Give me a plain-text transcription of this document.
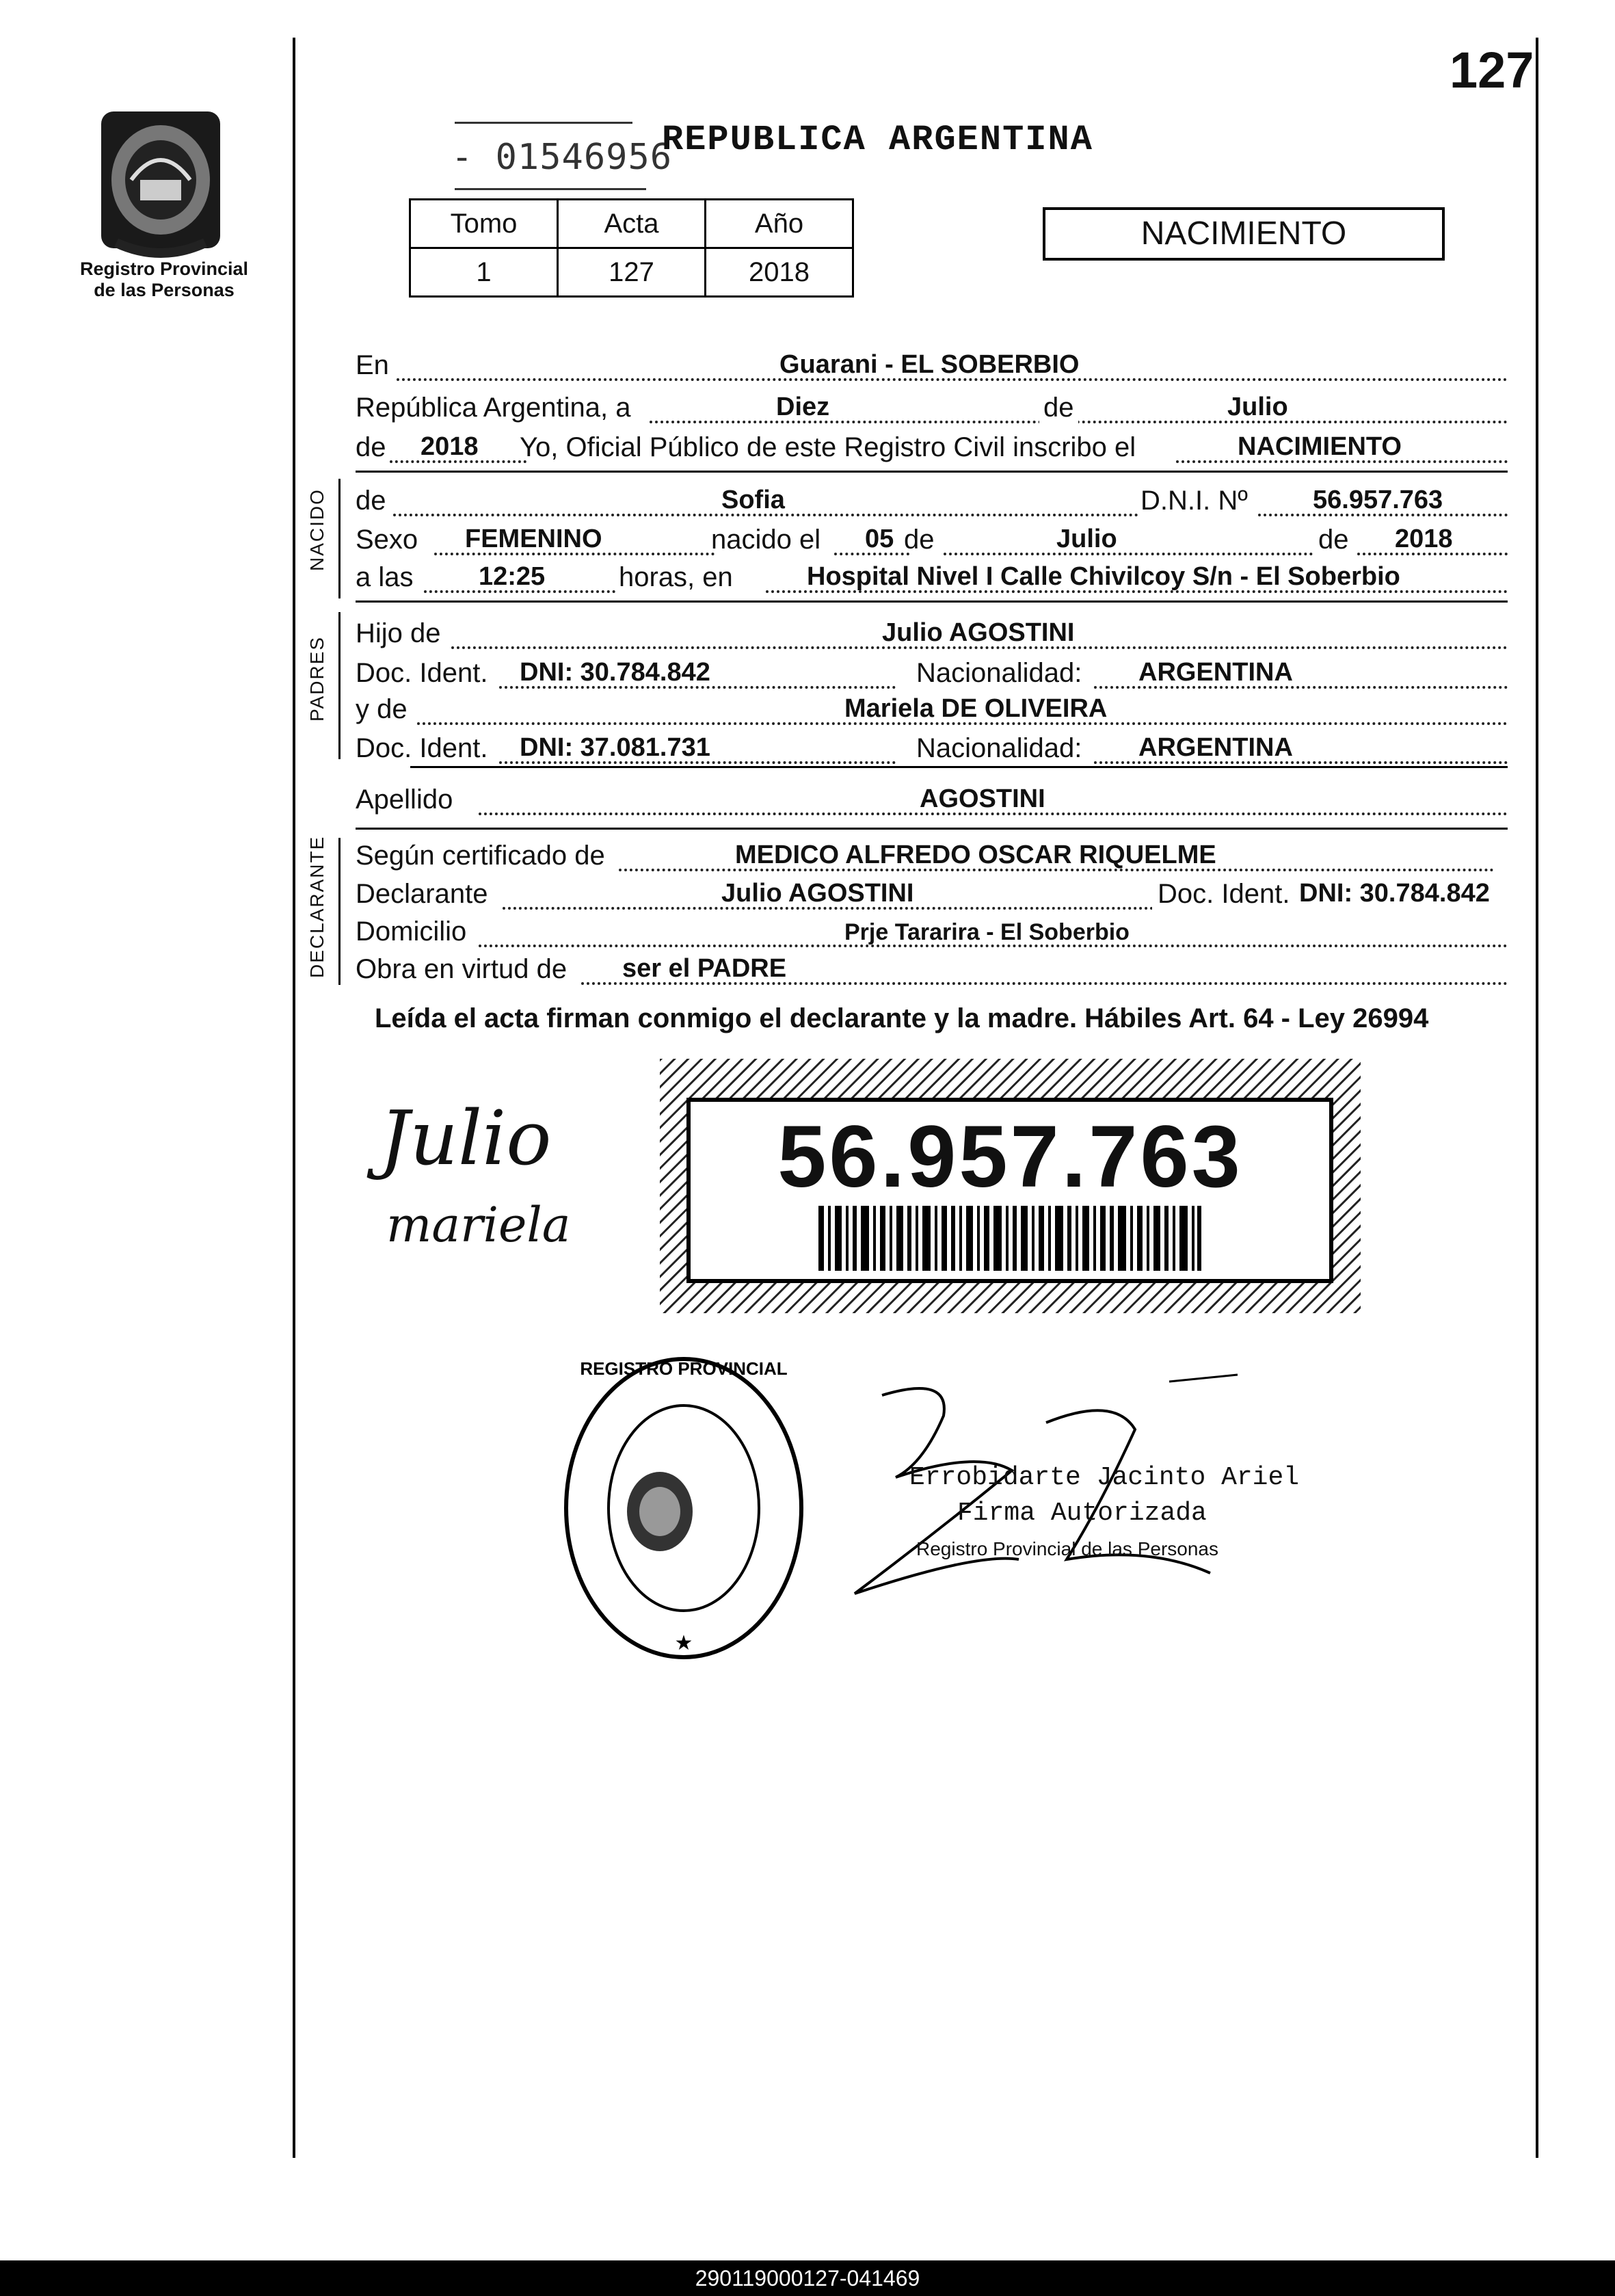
127
Registro Provincial
de las Personas
- 01546956
REPUBLICA ARGENTINA
Tomo	Acta	Año
1	127	2018
NACIMIENTO
En	Guarani - EL SOBERBIO
República Argentina, a	Diez	de	Julio
de 2018 Yo, Oficial Público de este Registro Civil inscribo el	NACIMIENTO
NACIDO de	Sofia	D.N.I. Nº	56.957.763
Sexo FEMENINO	nacido el 05 de	Julio	de 2018
a las	12:25	horas, en	Hospital Nivel I Calle Chivilcoy S/n - El Soberbio
PADRES
Hijo de	Julio AGOSTINI
Doc. Ident. DNI: 30.784.842	Nacionalidad: ARGENTINA
y de	Mariela DE OLIVEIRA
Doc. Ident. DNI: 37.081.731	Nacionalidad: ARGENTINA
Apellido	AGOSTINI
DECLARANTE Según certificado de	MEDICO ALFREDO OSCAR RIQUELME
Declarante	Julio AGOSTINI	Doc. Ident. DNI: 30.784.842
Domicilio	Prje Tararira - El Soberbio
Obra en virtud de ser el PADRE
Leída el acta firman conmigo el declarante y la madre. Hábiles Art. 64 - Ley 26994
56.957.763
Julio
mariela
REGISTRO PROVINCIAL
★
Errobidarte Jacinto Ariel
Firma Autorizada
Registro Provincial de las Personas
290119000127-041469
